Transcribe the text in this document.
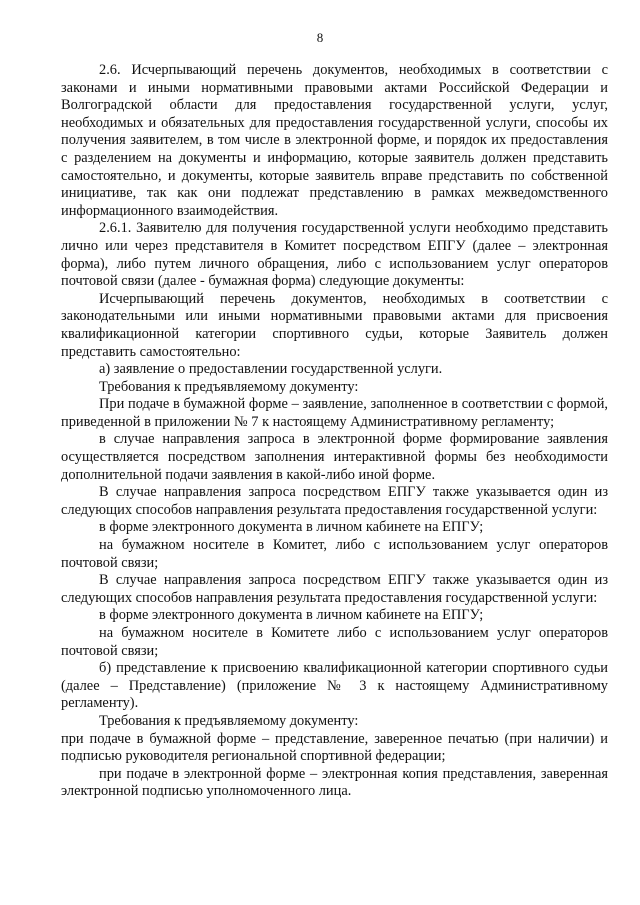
8

2.6. Исчерпывающий перечень документов, необходимых в соответствии с законами и иными нормативными правовыми актами Российской Федерации и Волгоградской области для предоставления государственной услуги, услуг, необходимых и обязательных для предоставления государственной услуги, способы их получения заявителем, в том числе в электронной форме, и порядок их предоставления с разделением на документы и информацию, которые заявитель должен представить самостоятельно, и документы, которые заявитель вправе представить по собственной инициативе, так как они подлежат представлению в рамках межведомственного информационного взаимодействия.

2.6.1. Заявителю для получения государственной услуги необходимо представить лично или через представителя в Комитет посредством ЕПГУ (далее – электронная форма), либо путем личного обращения, либо с использованием услуг операторов почтовой связи (далее - бумажная форма) следующие документы:

Исчерпывающий перечень документов, необходимых в соответствии с законодательными или иными нормативными правовыми актами для присвоения квалификационной категории спортивного судьи, которые Заявитель должен представить самостоятельно:

а) заявление о предоставлении государственной услуги.

Требования к предъявляемому документу:

При подаче в бумажной форме – заявление, заполненное в соответствии с формой, приведенной в приложении № 7 к настоящему Административному регламенту;

в случае направления запроса в электронной форме формирование заявления осуществляется посредством заполнения интерактивной формы без необходимости дополнительной подачи заявления в какой-либо иной форме.

В случае направления запроса посредством ЕПГУ также указывается один из следующих способов направления результата предоставления государственной услуги:

в форме электронного документа в личном кабинете на ЕПГУ;

на бумажном носителе в Комитет, либо с использованием услуг операторов почтовой связи;

В случае направления запроса посредством ЕПГУ также указывается один из следующих способов направления результата предоставления государственной услуги:

в форме электронного документа в личном кабинете на ЕПГУ;

на бумажном носителе в Комитете либо с использованием услуг операторов почтовой связи;

б) представление к присвоению квалификационной категории спортивного судьи (далее – Представление) (приложение № 3 к настоящему Административному регламенту).

Требования к предъявляемому документу:

при подаче в бумажной форме – представление, заверенное печатью (при наличии) и подписью руководителя региональной спортивной федерации;

при подаче в электронной форме – электронная копия представления, заверенная электронной подписью уполномоченного лица.
